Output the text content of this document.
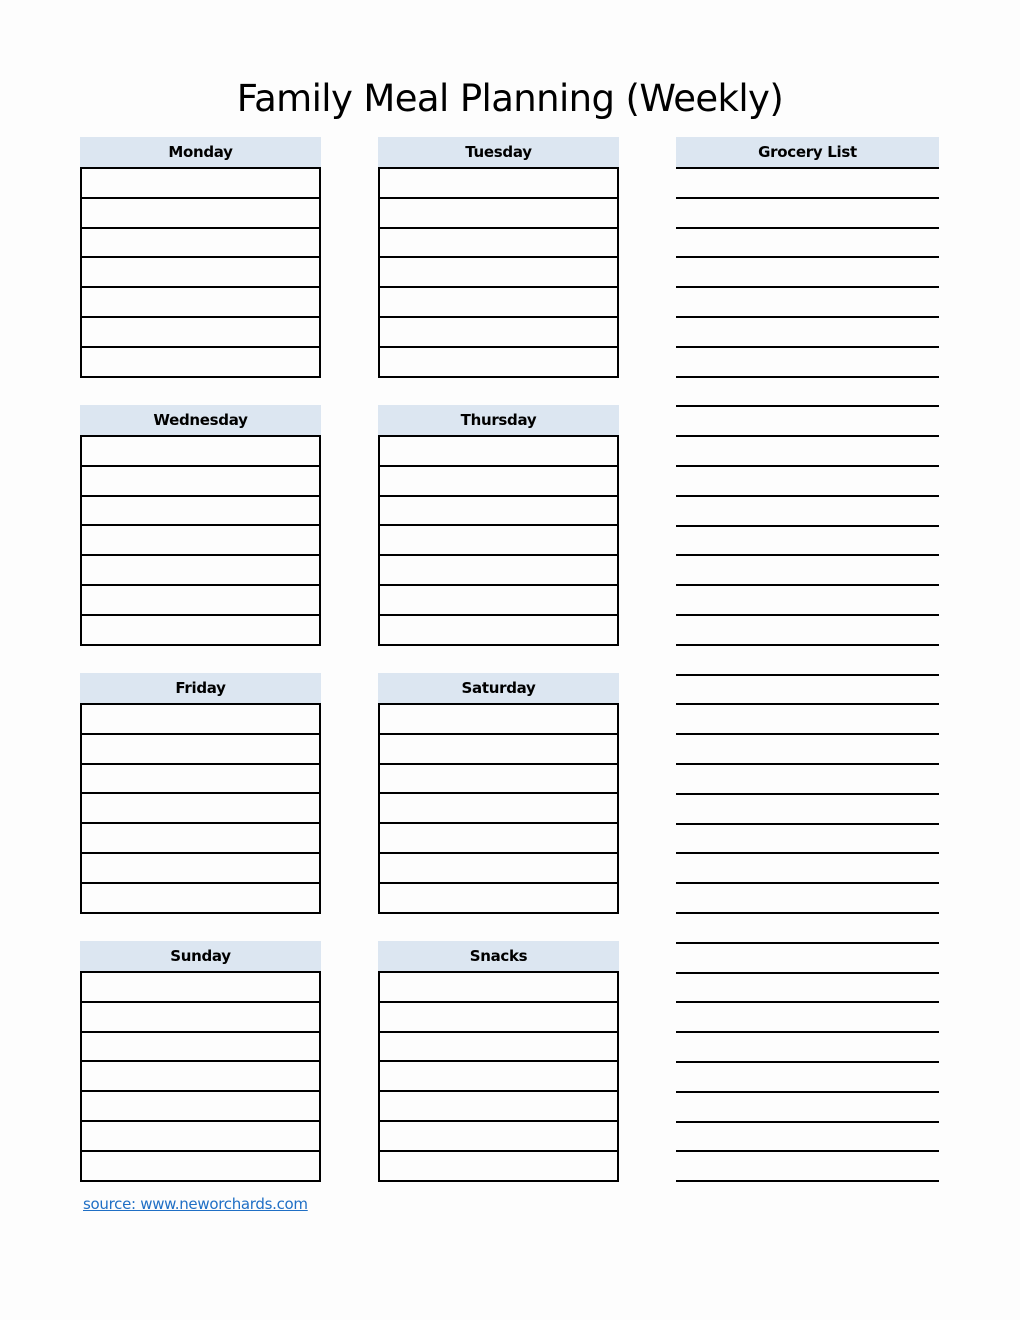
Family Meal Planning (Weekly)
Monday	Tuesday
Wednesday	Thursday
Friday	Saturday
Sunday	Snacks
Grocery List
source: www.neworchards.com
